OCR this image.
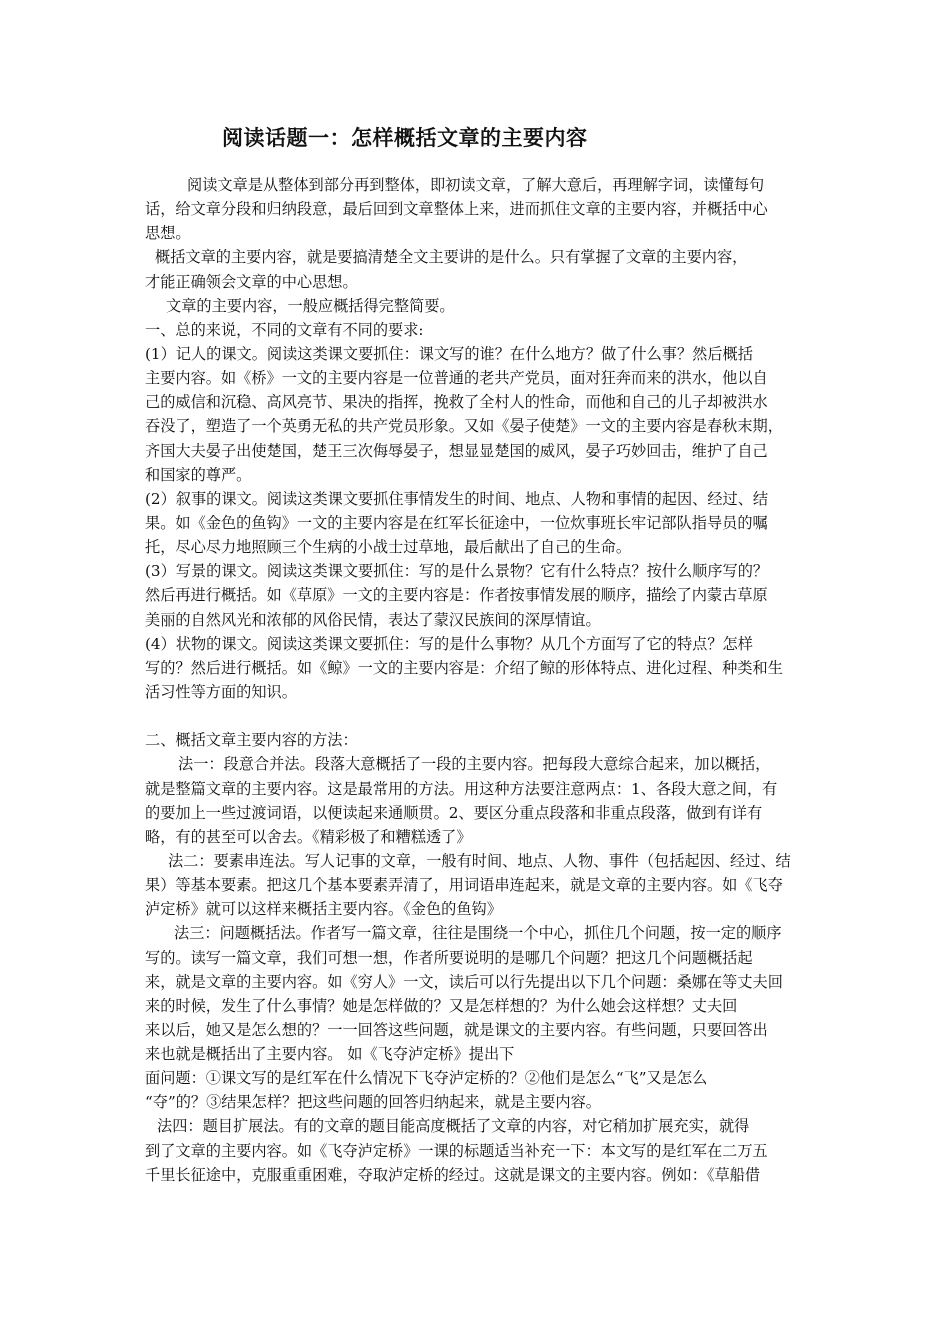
阅读话题一：怎样概括文章的主要内容
阅读文章是从整体到部分再到整体，即初读文章，了解大意后，再理解字词，读懂每句
话，给文章分段和归纳段意，最后回到文章整体上来，进而抓住文章的主要内容，并概括中心
思想。
概括文章的主要内容，就是要搞清楚全文主要讲的是什么。只有掌握了文章的主要内容，
才能正确领会文章的中心思想。
文章的主要内容，一般应概括得完整简要。
一、总的来说，不同的文章有不同的要求:
(1）记人的课文。阅读这类课文要抓住：课文写的谁？在什么地方？做了什么事？然后概括
主要内容。如《桥》一文的主要内容是一位普通的老共产党员，面对狂奔而来的洪水，他以自
己的威信和沉稳、高风亮节、果决的指挥，挽救了全村人的性命，而他和自己的儿子却被洪水
吞没了，塑造了一个英勇无私的共产党员形象。又如《晏子使楚》一文的主要内容是春秋末期，
齐国大夫晏子出使楚国，楚王三次侮辱晏子，想显显楚国的威风，晏子巧妙回击，维护了自己
和国家的尊严。
(2）叙事的课文。阅读这类课文要抓住事情发生的时间、地点、人物和事情的起因、经过、结
果。如《金色的鱼钩》一文的主要内容是在红军长征途中，一位炊事班长牢记部队指导员的嘱
托，尽心尽力地照顾三个生病的小战士过草地，最后献出了自己的生命。
(3）写景的课文。阅读这类课文要抓住：写的是什么景物？它有什么特点？按什么顺序写的？
然后再进行概括。如《草原》一文的主要内容是：作者按事情发展的顺序，描绘了内蒙古草原
美丽的自然风光和浓郁的风俗民情，表达了蒙汉民族间的深厚情谊。
(4）状物的课文。阅读这类课文要抓住：写的是什么事物？从几个方面写了它的特点？怎样
写的？然后进行概括。如《鲸》一文的主要内容是：介绍了鲸的形体特点、进化过程、种类和生
活习性等方面的知识。
二、概括文章主要内容的方法：
法一：段意合并法。段落大意概括了一段的主要内容。把每段大意综合起来，加以概括，
就是整篇文章的主要内容。这是最常用的方法。用这种方法要注意两点：1、各段大意之间，有
的要加上一些过渡词语，以便读起来通顺贯。2、要区分重点段落和非重点段落，做到有详有
略，有的甚至可以舍去。《精彩极了和糟糕透了》
法二：要素串连法。写人记事的文章，一般有时间、地点、人物、事件（包括起因、经过、结
果）等基本要素。把这几个基本要素弄清了，用词语串连起来，就是文章的主要内容。如《飞夺
泸定桥》就可以这样来概括主要内容。《金色的鱼钩》
法三：问题概括法。作者写一篇文章，往往是围绕一个中心，抓住几个问题，按一定的顺序
写的。读写一篇文章，我们可想一想，作者所要说明的是哪几个问题？把这几个问题概括起
来，就是文章的主要内容。如《穷人》一文，读后可以行先提出以下几个问题：桑娜在等丈夫回
来的时候，发生了什么事情？她是怎样做的？又是怎样想的？为什么她会这样想？丈夫回
来以后，她又是怎么想的？一一回答这些问题，就是课文的主要内容。有些问题，只要回答出
来也就是概括出了主要内容。 如《飞夺泸定桥》提出下
面问题：①课文写的是红军在什么情况下飞夺泸定桥的？②他们是怎么“飞”又是怎么
“夺”的？③结果怎样？把这些问题的回答归纳起来，就是主要内容。
法四：题目扩展法。有的文章的题目能高度概括了文章的内容，对它稍加扩展充实，就得
到了文章的主要内容。如《飞夺泸定桥》一课的标题适当补充一下：本文写的是红军在二万五
千里长征途中，克服重重困难，夺取泸定桥的经过。这就是课文的主要内容。例如：《草船借
